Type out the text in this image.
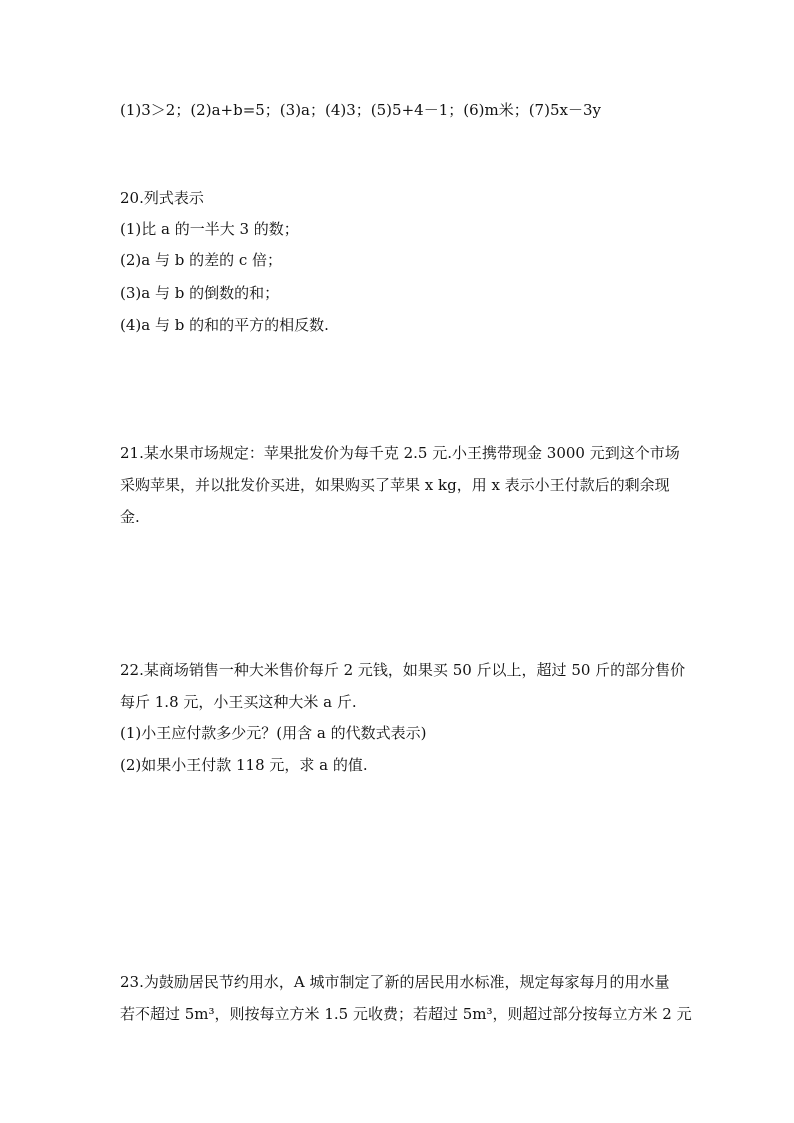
(1)3＞2；(2)a+b=5；(3)a；(4)3；(5)5+4－1；(6)m米；(7)5x－3y
20.列式表示
(1)比 a 的一半大 3 的数；
(2)a 与 b 的差的 c 倍；
(3)a 与 b 的倒数的和；
(4)a 与 b 的和的平方的相反数.
21.某水果市场规定：苹果批发价为每千克 2.5 元.小王携带现金 3000 元到这个市场
采购苹果，并以批发价买进，如果购买了苹果 x kg，用 x 表示小王付款后的剩余现
金.
22.某商场销售一种大米售价每斤 2 元钱，如果买 50 斤以上，超过 50 斤的部分售价
每斤 1.8 元，小王买这种大米 a 斤.
(1)小王应付款多少元？(用含 a 的代数式表示)
(2)如果小王付款 118 元，求 a 的值.
23.为鼓励居民节约用水，A 城市制定了新的居民用水标准，规定每家每月的用水量
若不超过 5m³，则按每立方米 1.5 元收费；若超过 5m³，则超过部分按每立方米 2 元
